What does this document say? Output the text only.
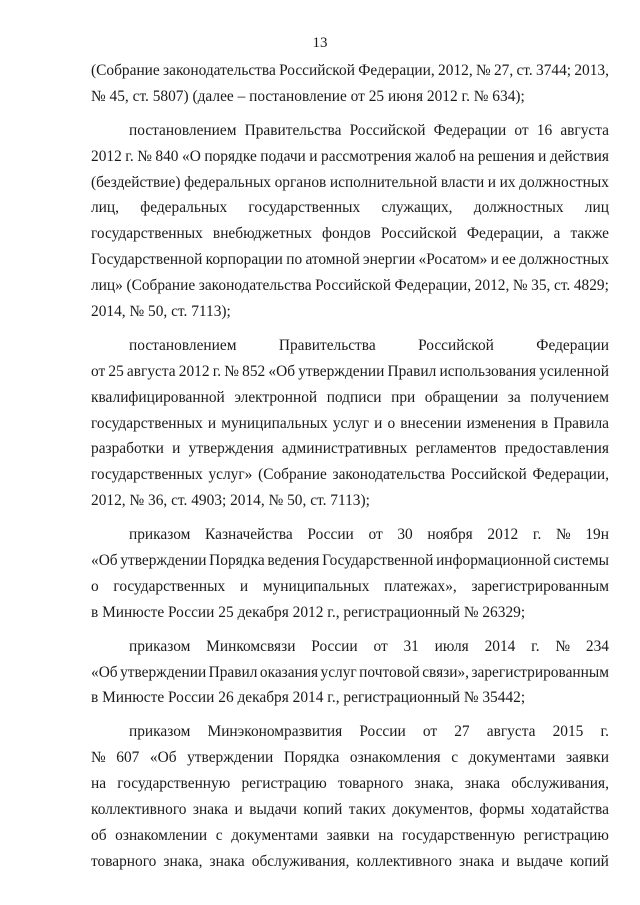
13
(Собрание законодательства Российской Федерации, 2012, № 27, ст. 3744; 2013,
№ 45, ст. 5807) (далее – постановление от 25 июня 2012 г. № 634);
постановлением Правительства Российской Федерации от 16 августа
2012 г. № 840 «О порядке подачи и рассмотрения жалоб на решения и действия
(бездействие) федеральных органов исполнительной власти и их должностных
лиц, федеральных государственных служащих, должностных лиц
государственных внебюджетных фондов Российской Федерации, а также
Государственной корпорации по атомной энергии «Росатом» и ее должностных
лиц» (Собрание законодательства Российской Федерации, 2012, № 35, ст. 4829;
2014, № 50, ст. 7113);
постановлением	Правительства	Российской	Федерации
от 25 августа 2012 г. № 852 «Об утверждении Правил использования усиленной
квалифицированной электронной подписи при обращении за получением
государственных и муниципальных услуг и о внесении изменения в Правила
разработки и утверждения административных регламентов предоставления
государственных услуг» (Собрание законодательства Российской Федерации,
2012, № 36, ст. 4903; 2014, № 50, ст. 7113);
приказом Казначейства России от 30 ноября 2012 г. № 19н
«Об утверждении Порядка ведения Государственной информационной системы
о государственных и муниципальных платежах», зарегистрированным
в Минюсте России 25 декабря 2012 г., регистрационный № 26329;
приказом Минкомсвязи России от 31 июля 2014 г. № 234
«Об утверждении Правил оказания услуг почтовой связи», зарегистрированным
в Минюсте России 26 декабря 2014 г., регистрационный № 35442;
приказом Минэкономразвития России от 27 августа 2015 г.
№ 607 «Об утверждении Порядка ознакомления с документами заявки
на государственную регистрацию товарного знака, знака обслуживания,
коллективного знака и выдачи копий таких документов, формы ходатайства
об ознакомлении с документами заявки на государственную регистрацию
товарного знака, знака обслуживания, коллективного знака и выдаче копий
